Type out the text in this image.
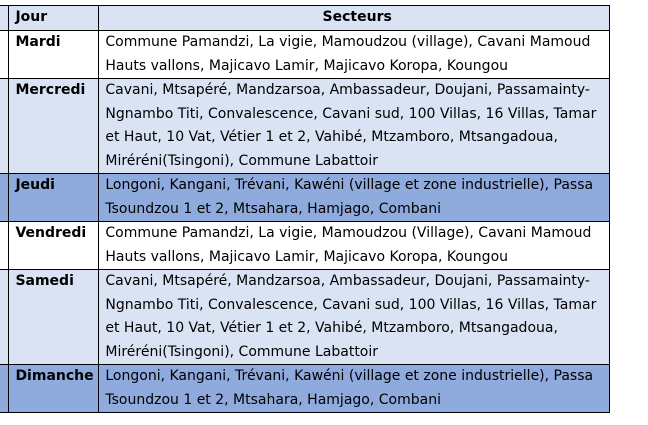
	Jour	Secteurs
	Mardi	Commune Pamandzi, La vigie, Mamoudzou (village), Cavani Mamoud
Hauts vallons, Majicavo Lamir, Majicavo Koropa, Koungou

	Mercredi	Cavani, Mtsapéré, Mandzarsoa, Ambassadeur, Doujani, Passamainty-
Ngnambo Titi, Convalescence, Cavani sud, 100 Villas, 16 Villas, Tamar
et Haut, 10 Vat, Vétier 1 et 2, Vahibé, Mtzamboro, Mtsangadoua,
Miréréni(Tsingoni), Commune Labattoir

	Jeudi	Longoni, Kangani, Trévani, Kawéni (village et zone industrielle), Passa
Tsoundzou 1 et 2, Mtsahara, Hamjago, Combani

	Vendredi	Commune Pamandzi, La vigie, Mamoudzou (Village), Cavani Mamoud
Hauts vallons, Majicavo Lamir, Majicavo Koropa, Koungou

	Samedi	Cavani, Mtsapéré, Mandzarsoa, Ambassadeur, Doujani, Passamainty-
Ngnambo Titi, Convalescence, Cavani sud, 100 Villas, 16 Villas, Tamar
et Haut, 10 Vat, Vétier 1 et 2, Vahibé, Mtzamboro, Mtsangadoua,
Miréréni(Tsingoni), Commune Labattoir

	Dimanche	Longoni, Kangani, Trévani, Kawéni (village et zone industrielle), Passa
Tsoundzou 1 et 2, Mtsahara, Hamjago, Combani
